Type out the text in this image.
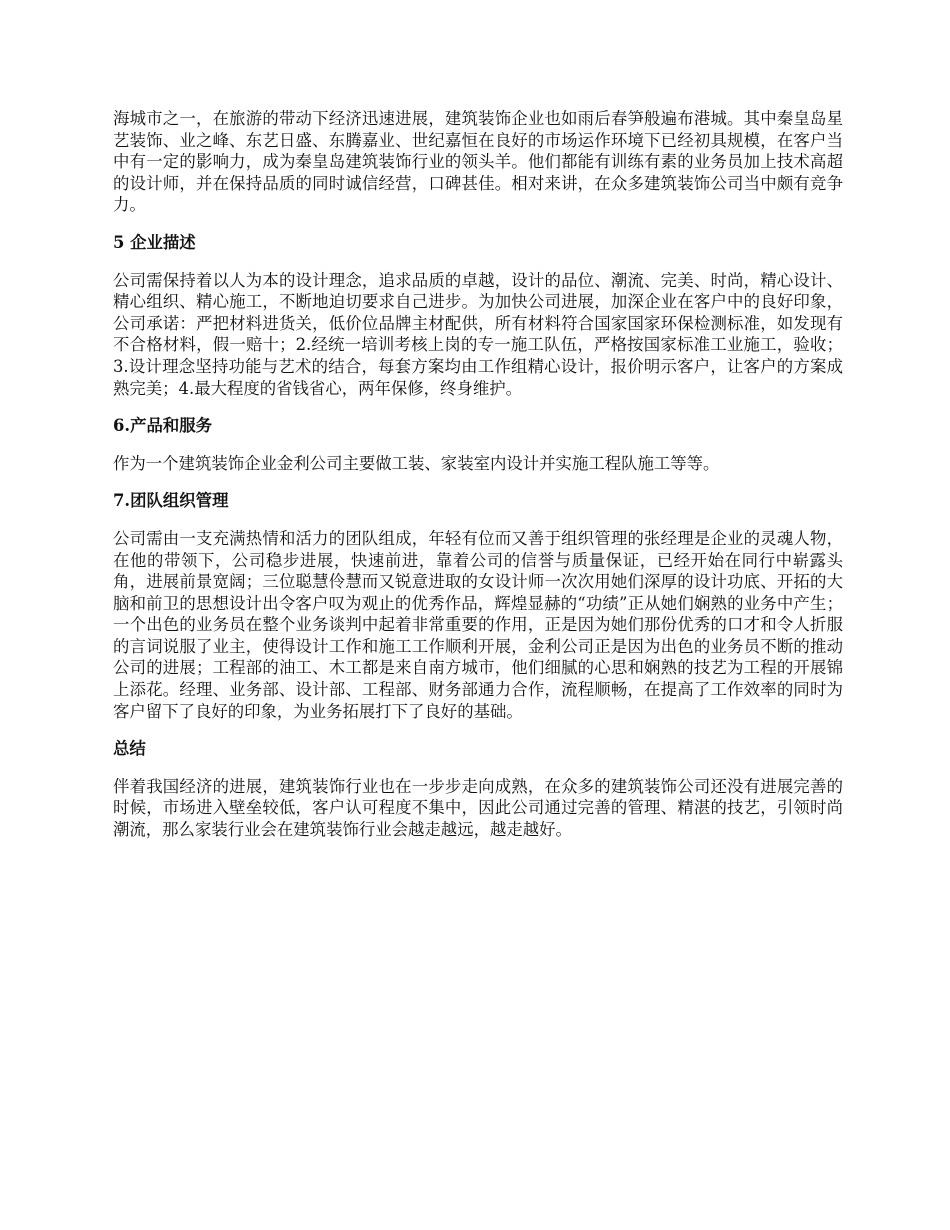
海城市之一，在旅游的带动下经济迅速进展，建筑装饰企业也如雨后春笋般遍布港城。其中秦皇岛星艺装饰、业之峰、东艺日盛、东腾嘉业、世纪嘉恒在良好的市场运作环境下已经初具规模，在客户当中有一定的影响力，成为秦皇岛建筑装饰行业的领头羊。他们都能有训练有素的业务员加上技术高超的设计师，并在保持品质的同时诚信经营，口碑甚佳。相对来讲，在众多建筑装饰公司当中颇有竞争力。

5 企业描述

公司需保持着以人为本的设计理念，追求品质的卓越，设计的品位、潮流、完美、时尚，精心设计、精心组织、精心施工，不断地迫切要求自己进步。为加快公司进展，加深企业在客户中的良好印象，公司承诺：严把材料进货关，低价位品牌主材配供，所有材料符合国家国家环保检测标准，如发现有不合格材料，假一赔十；2.经统一培训考核上岗的专一施工队伍，严格按国家标准工业施工，验收；3.设计理念坚持功能与艺术的结合，每套方案均由工作组精心设计，报价明示客户，让客户的方案成熟完美；4.最大程度的省钱省心，两年保修，终身维护。

6.产品和服务

作为一个建筑装饰企业金利公司主要做工装、家装室内设计并实施工程队施工等等。

7.团队组织管理

公司需由一支充满热情和活力的团队组成，年轻有位而又善于组织管理的张经理是企业的灵魂人物，在他的带领下，公司稳步进展，快速前进，靠着公司的信誉与质量保证，已经开始在同行中崭露头角，进展前景宽阔；三位聪慧伶慧而又锐意进取的女设计师一次次用她们深厚的设计功底、开拓的大脑和前卫的思想设计出令客户叹为观止的优秀作品，辉煌显赫的“功绩”正从她们娴熟的业务中产生；一个出色的业务员在整个业务谈判中起着非常重要的作用，正是因为她们那份优秀的口才和令人折服的言词说服了业主，使得设计工作和施工工作顺利开展，金利公司正是因为出色的业务员不断的推动公司的进展；工程部的油工、木工都是来自南方城市，他们细腻的心思和娴熟的技艺为工程的开展锦上添花。经理、业务部、设计部、工程部、财务部通力合作，流程顺畅，在提高了工作效率的同时为客户留下了良好的印象，为业务拓展打下了良好的基础。

总结

伴着我国经济的进展，建筑装饰行业也在一步步走向成熟，在众多的建筑装饰公司还没有进展完善的时候，市场进入壁垒较低，客户认可程度不集中，因此公司通过完善的管理、精湛的技艺，引领时尚潮流，那么家装行业会在建筑装饰行业会越走越远，越走越好。
